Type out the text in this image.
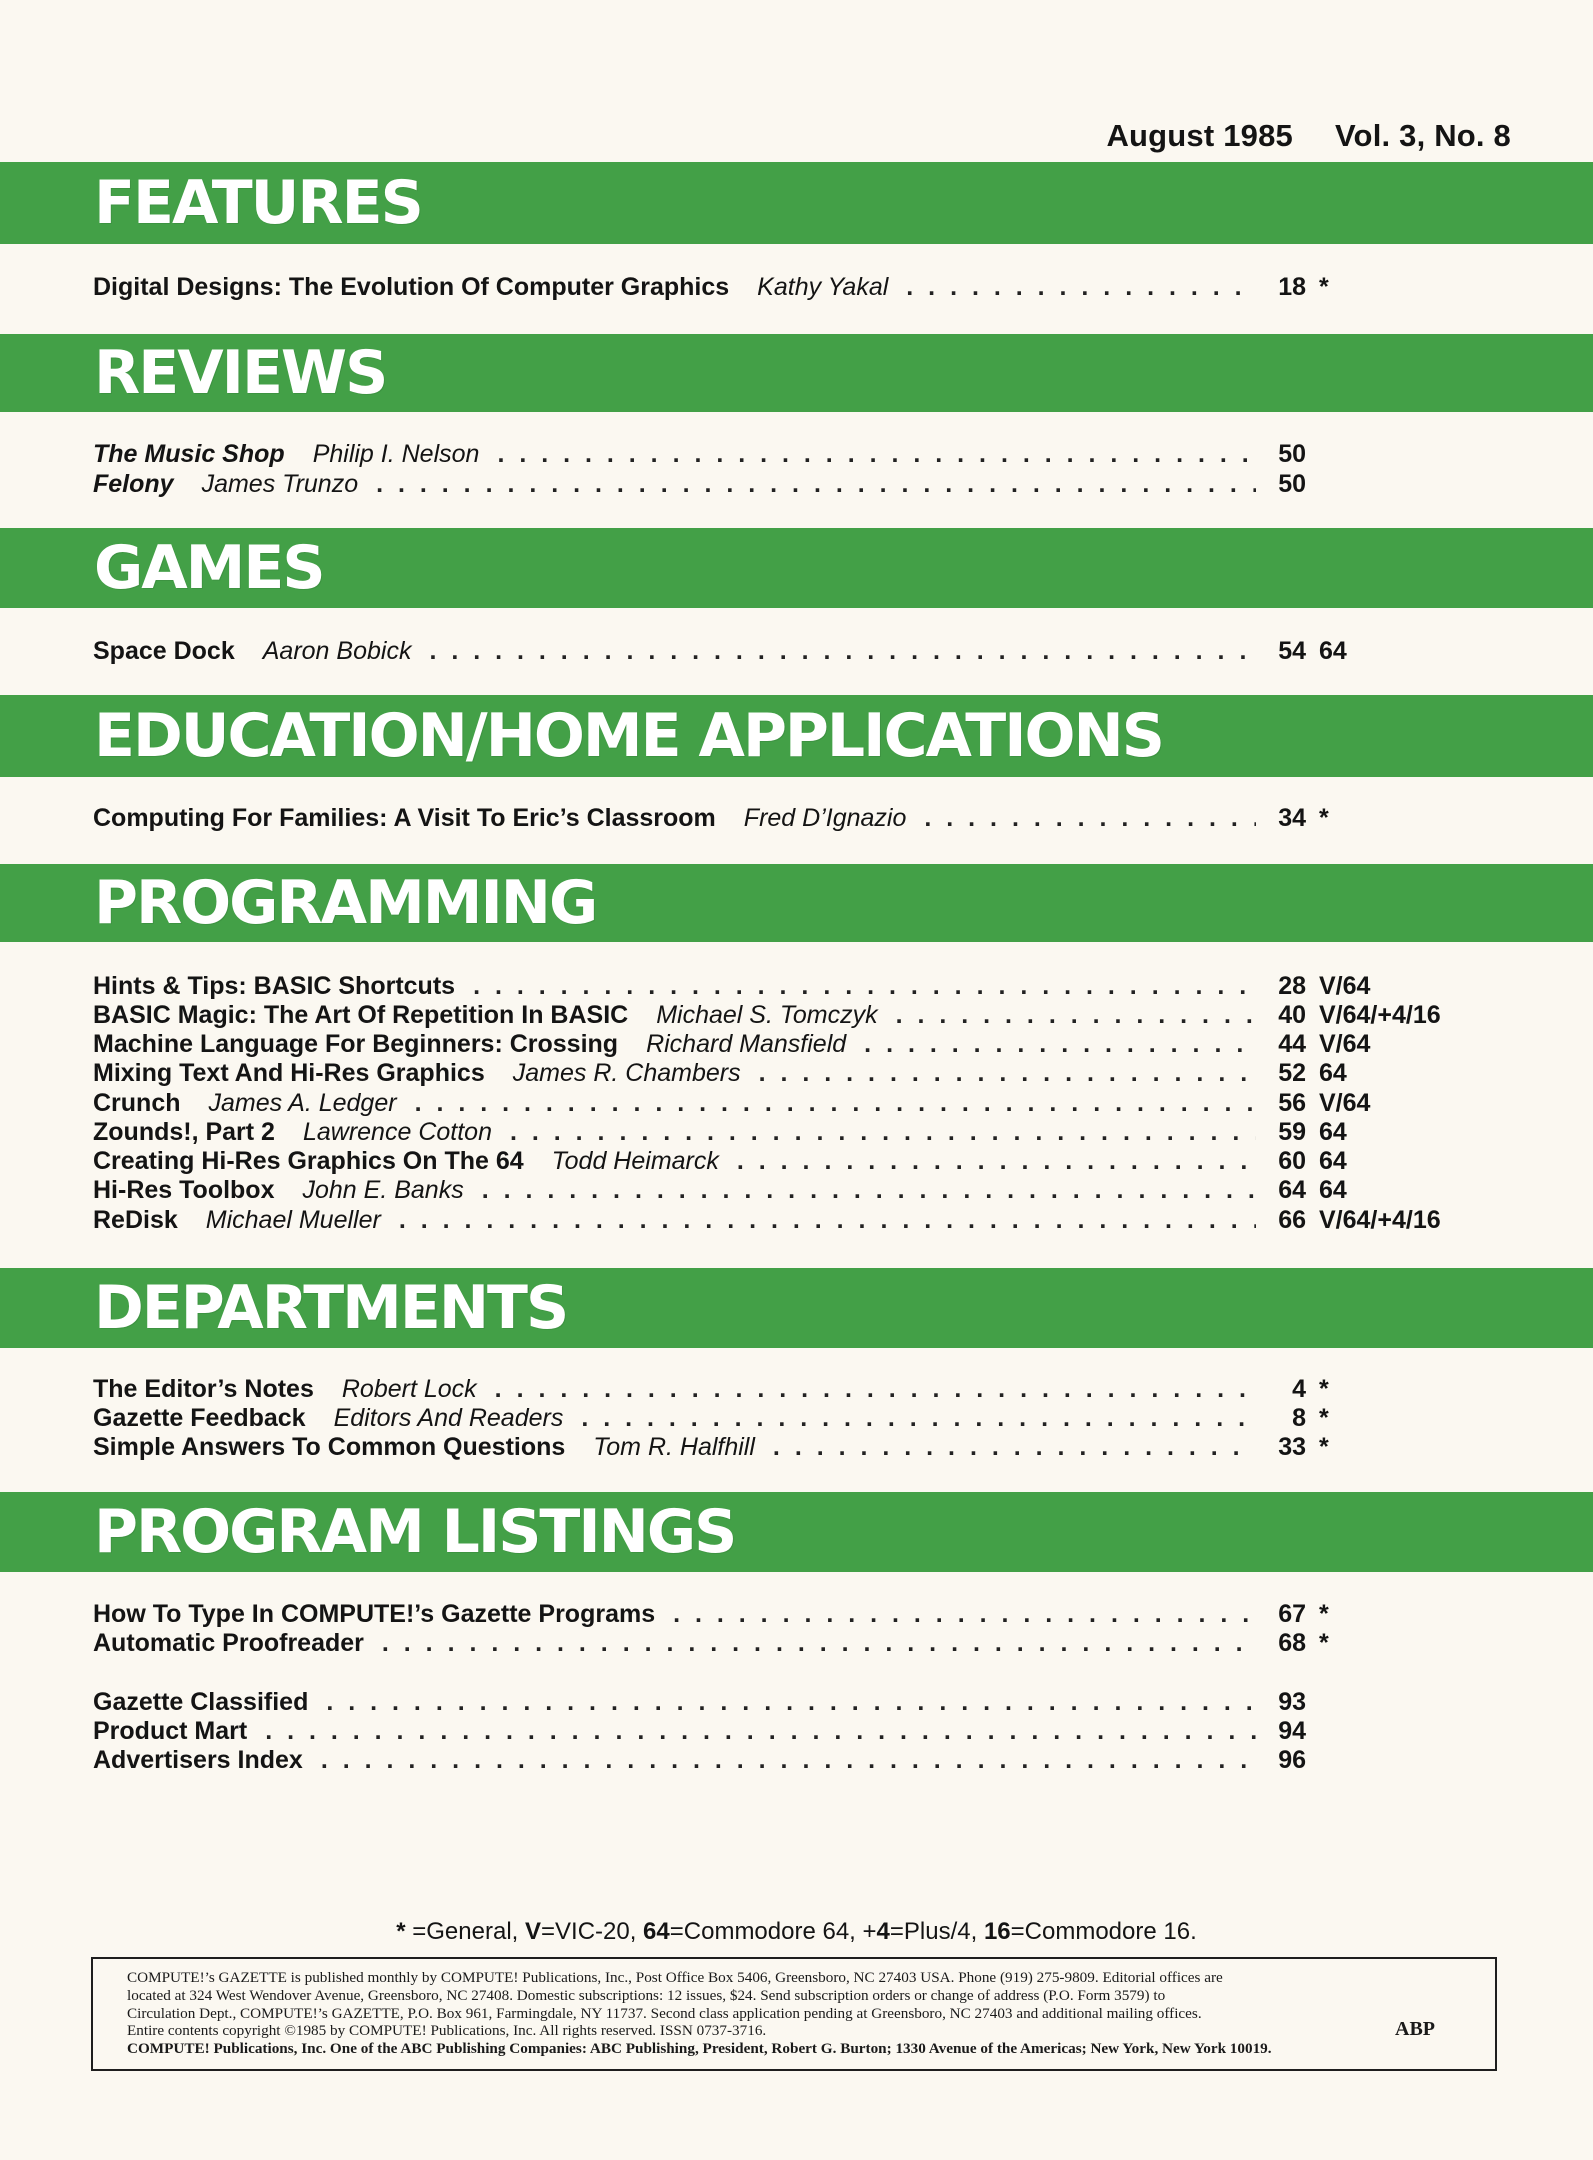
August 1985 Vol. 3, No. 8
FEATURES
Digital Designs: The Evolution Of Computer Graphics Kathy Yakal . . .	18 *
REVIEWS
The Music Shop Philip I. Nelson . . .	50
Felony James Trunzo . . .	50
GAMES
Space Dock Aaron Bobick . . .	54 64
EDUCATION/HOME APPLICATIONS
Computing For Families: A Visit To Eric’s Classroom Fred D’Ignazio . . .	34 *
PROGRAMMING
Hints & Tips: BASIC Shortcuts . . .	28 V/64
BASIC Magic: The Art Of Repetition In BASIC Michael S. Tomczyk . . .	40 V/64/+4/16
Machine Language For Beginners: Crossing Richard Mansfield . . .	44 V/64
Mixing Text And Hi-Res Graphics James R. Chambers . . .	52 64
Crunch James A. Ledger . . .	56 V/64
Zounds!, Part 2 Lawrence Cotton . . .	59 64
Creating Hi-Res Graphics On The 64 Todd Heimarck . . .	60 64
Hi-Res Toolbox John E. Banks . . .	64 64
ReDisk Michael Mueller . . .	66 V/64/+4/16
DEPARTMENTS
The Editor’s Notes Robert Lock . . .	4 *
Gazette Feedback Editors And Readers . . .	8 *
Simple Answers To Common Questions Tom R. Halfhill . . .	33 *
PROGRAM LISTINGS
How To Type In COMPUTE!’s Gazette Programs . . .	67 *
Automatic Proofreader . . .	68 *
Gazette Classified . . .	93
Product Mart . . .	94
Advertisers Index . . .	96
* =General, V=VIC-20, 64=Commodore 64, +4=Plus/4, 16=Commodore 16.
COMPUTE!’s GAZETTE is published monthly by COMPUTE! Publications, Inc., Post Office Box 5406, Greensboro, NC 27403 USA. Phone (919) 275-9809. Editorial offices are
located at 324 West Wendover Avenue, Greensboro, NC 27408. Domestic subscriptions: 12 issues, $24. Send subscription orders or change of address (P.O. Form 3579) to
Circulation Dept., COMPUTE!’s GAZETTE, P.O. Box 961, Farmingdale, NY 11737. Second class application pending at Greensboro, NC 27403 and additional mailing offices.
Entire contents copyright ©1985 by COMPUTE! Publications, Inc. All rights reserved. ISSN 0737-3716.
COMPUTE! Publications, Inc. One of the ABC Publishing Companies: ABC Publishing, President, Robert G. Burton; 1330 Avenue of the Americas; New York, New York 10019.
ABP
